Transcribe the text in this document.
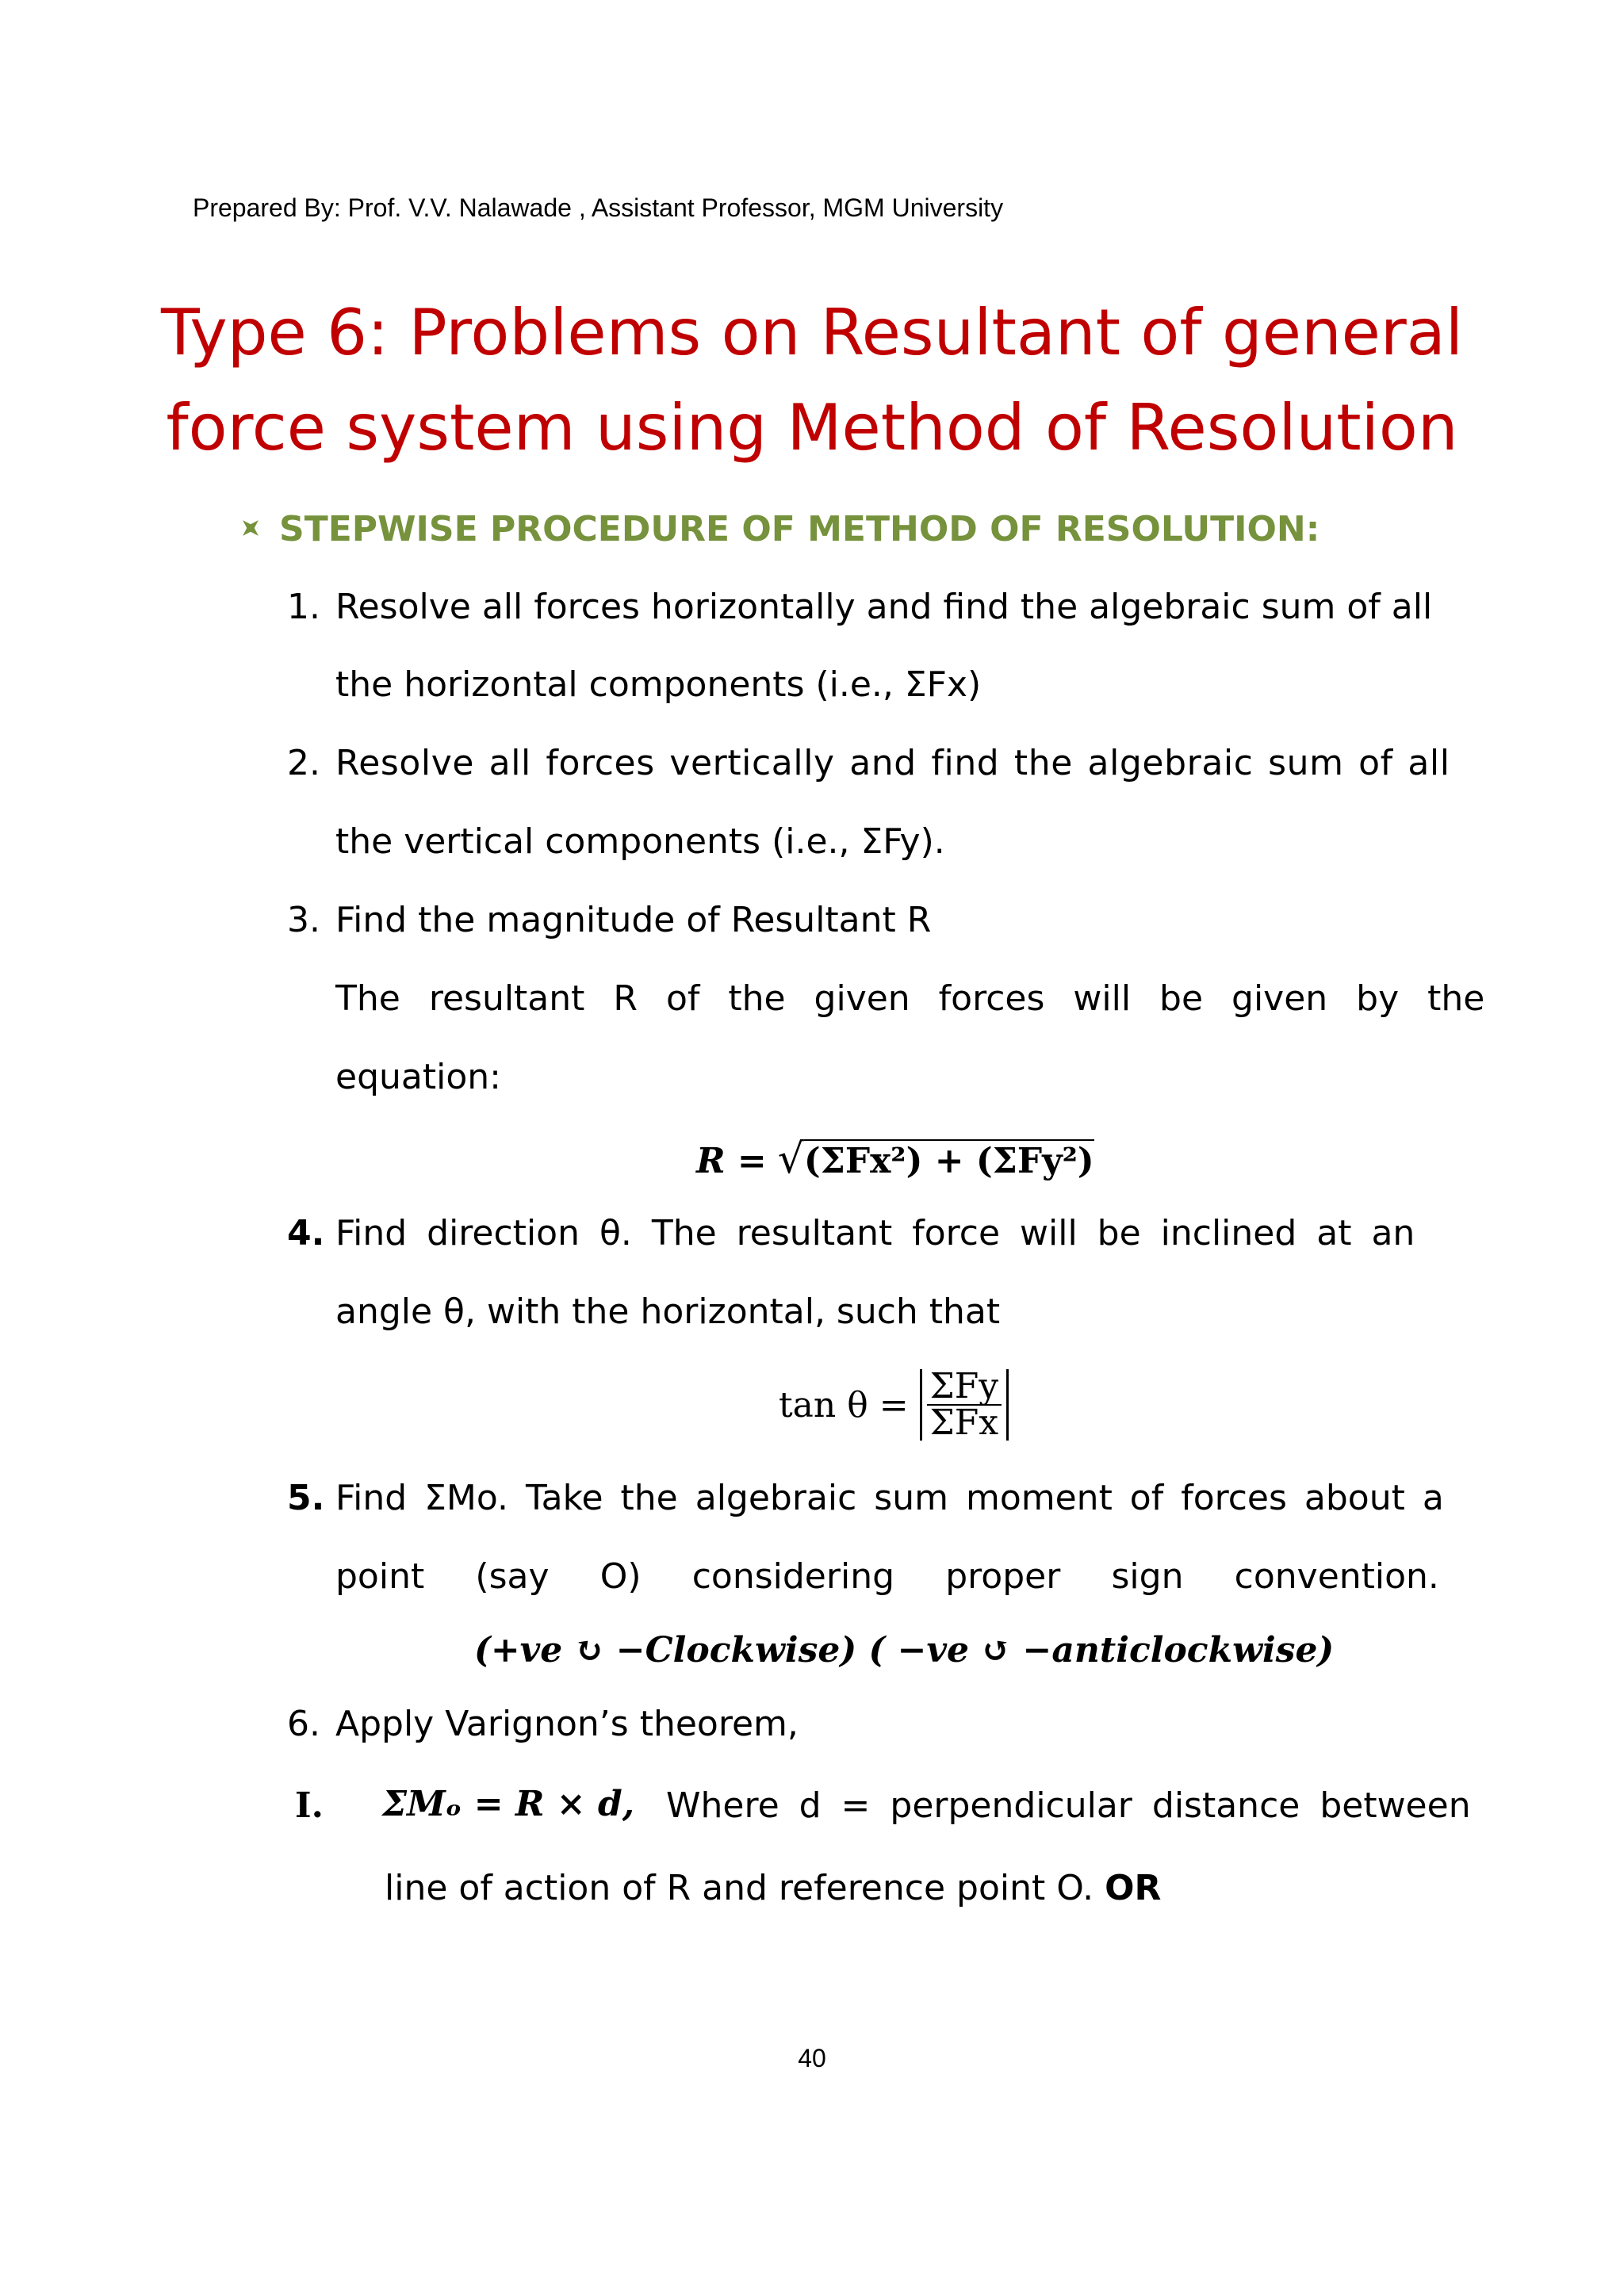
Prepared By: Prof. V.V. Nalawade , Assistant Professor, MGM University
Type 6: Problems on Resultant of general
force system using Method of Resolution
STEPWISE PROCEDURE OF METHOD OF RESOLUTION:
1. Resolve all forces horizontally and find the algebraic sum of all
the horizontal components (i.e., ΣFx)
2. Resolve all forces vertically and find the algebraic sum of all
the vertical components (i.e., ΣFy).
3. Find the magnitude of Resultant R
The resultant R of the given forces will be given by the
equation:
R = √(ΣFx²) + (ΣFy²)
4. Find direction θ. The resultant force will be inclined at an
angle θ, with the horizontal, such that
$\tan \theta = \frac{\text{ΣFy}}{\text{ΣFx}}$
5. Find ΣMo. Take the algebraic sum moment of forces about a
point (say O) considering proper sign convention.
(+ve ↻ −Clockwise) ( −ve ↺ −anticlockwise)
6. Apply Varignon’s theorem,
I. ΣMₒ = R × d, Where d = perpendicular distance between
line of action of R and reference point O. OR
40
